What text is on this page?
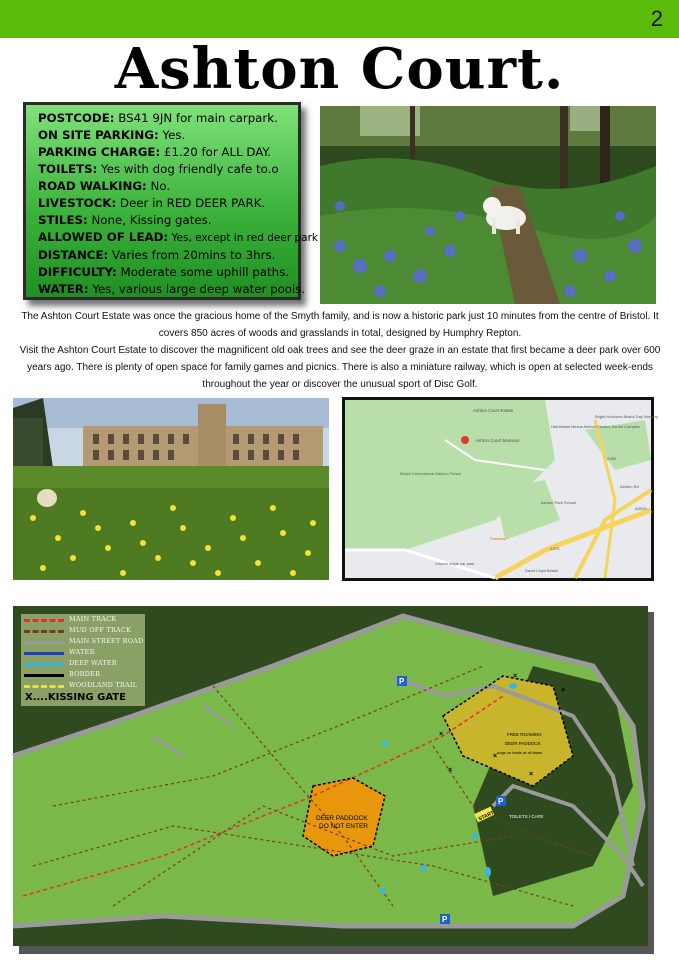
2
Ashton Court.
POSTCODE: BS41 9JN for main carpark.
ON SITE PARKING: Yes.
PARKING CHARGE: £1.20 for ALL DAY.
TOILETS: Yes with dog friendly cafe to.o
ROAD WALKING: No.
LIVESTOCK: Deer in RED DEER PARK.
STILES: None, Kissing gates.
ALLOWED OF LEAD: Yes, except in red deer park
DISTANCE: Varies from 20mins to 3hrs.
DIFFICULTY: Moderate some uphill paths.
WATER: Yes, various large deep water pools.
The Ashton Court Estate was once the gracious home of the Smyth family, and is now a historic park just 10 minutes from the centre of Bristol. It covers 850 acres of woods and grasslands in total, designed by Humphry Repton.
Visit the Ashton Court Estate to discover the magnificent old oak trees and see the deer graze in an estate that first became a deer park over 600 years ago. There is plenty of open space for family games and picnics. There is also a miniature railway, which is open at selected week-ends throughout the year or discover the unusual sport of Disc Golf.
Ashton Court Estate
Ashton Court Mansion
Bristol International Balloon Fiesta
Hall Bristol Nexus Ashton Studios Sound Complex
Bright Horizons Bristol Day Nursery
Ashton Park School
Church lodge car park
Parkway
David Lloyd Bristol
Ashton Rd
A369
A370
A3029
P
P
P
START	TOILETS / CAFE
DEER PADDOCK
DO NOT ENTER
FREE ROAMING
DEER PADDOCK
dogs on leads at all times
×
×
×
×
×
×
MAIN TRACK
MUD OFF TRACK
MAIN STREET ROAD
WATER
DEEP WATER
BORDER
WOODLAND TRAIL
X....KISSING GATE
